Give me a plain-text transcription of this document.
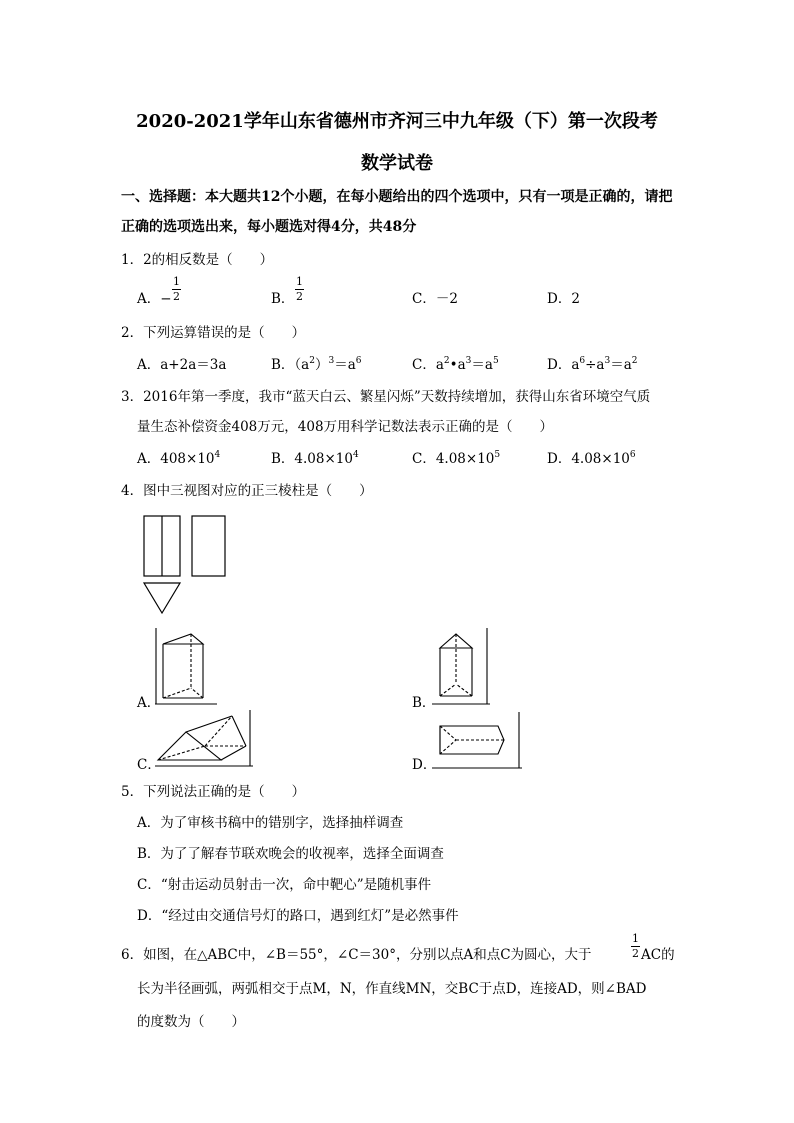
2020-2021学年山东省德州市齐河三中九年级（下）第一次段考
数学试卷
一、选择题：本大题共12个小题，在每小题给出的四个选项中，只有一项是正确的，请把
正确的选项选出来，每小题选对得4分，共48分
1．2的相反数是（　　）
A．−
1
2	B．
1
2	C．－2	D．2
2．下列运算错误的是（　　）
A．a+2a＝3a	B．$(a^2)^3=a^6$	C．$a^2•a^3=a^5$	D．$a^6\div a^3=a^2$
3．2016年第一季度，我市“蓝天白云、繁星闪烁”天数持续增加，获得山东省环境空气质
量生态补偿资金408万元，408万用科学记数法表示正确的是（　　）
A．$408\times 10^4$	B．$4.08\times 10^4$	C．$4.08\times 10^5$	D．$4.08\times 10^6$
4．图中三视图对应的正三棱柱是（　　）
A．	B．
C．	D．
5．下列说法正确的是（　　）
A．为了审核书稿中的错别字，选择抽样调查
B．为了了解春节联欢晚会的收视率，选择全面调查
C．“射击运动员射击一次，命中靶心”是随机事件
D．“经过由交通信号灯的路口，遇到红灯”是必然事件
6．如图，在△ABC中，∠B＝55°，∠C＝30°，分别以点A和点C为圆心，大于
1
2 AC的
长为半径画弧，两弧相交于点M，N，作直线MN，交BC于点D，连接AD，则∠BAD
的度数为（　　）
